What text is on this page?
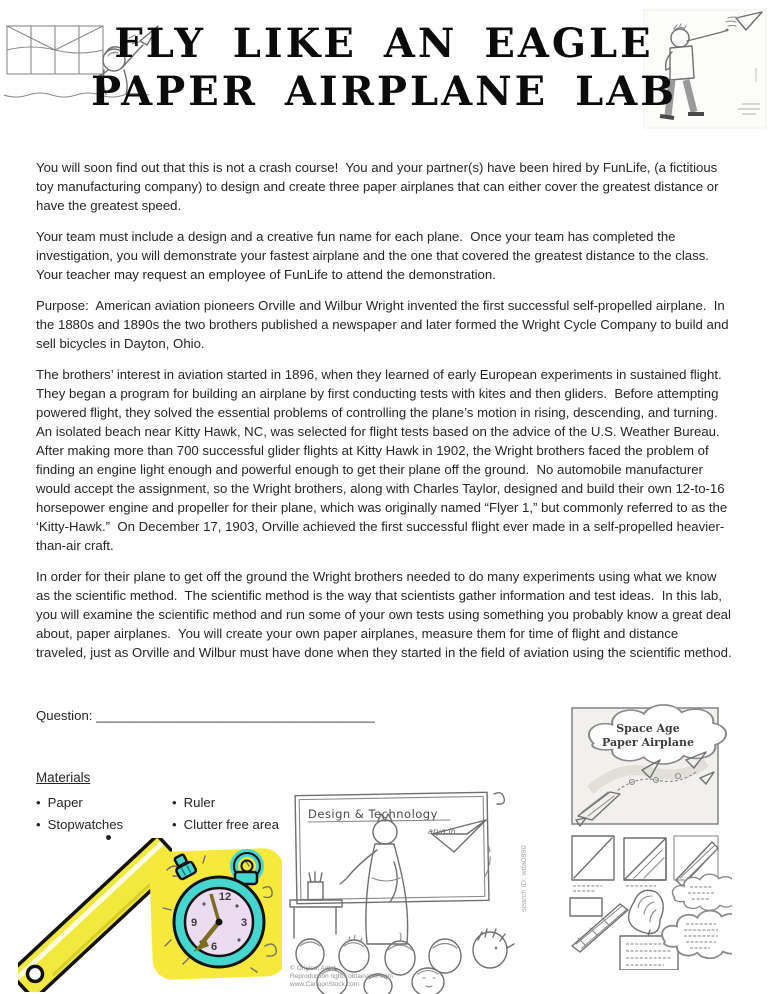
FLY LIKE AN EAGLE
PAPER AIRPLANE LAB

You will soon find out that this is not a crash course!  You and your partner(s) have been hired by FunLife, (a fictitious toy manufacturing company) to design and create three paper airplanes that can either cover the greatest distance or have the greatest speed.

Your team must include a design and a creative fun name for each plane.  Once your team has completed the investigation, you will demonstrate your fastest airplane and the one that covered the greatest distance to the class.  Your teacher may request an employee of FunLife to attend the demonstration.

Purpose:  American aviation pioneers Orville and Wilbur Wright invented the first successful self-propelled airplane.  In the 1880s and 1890s the two brothers published a newspaper and later formed the Wright Cycle Company to build and sell bicycles in Dayton, Ohio.

The brothers’ interest in aviation started in 1896, when they learned of early European experiments in sustained flight.  They began a program for building an airplane by first conducting tests with kites and then gliders.  Before attempting powered flight, they solved the essential problems of controlling the plane’s motion in rising, descending, and turning.  An isolated beach near Kitty Hawk, NC, was selected for flight tests based on the advice of the U.S. Weather Bureau.  After making more than 700 successful glider flights at Kitty Hawk in 1902, the Wright brothers faced the problem of finding an engine light enough and powerful enough to get their plane off the ground.  No automobile manufacturer would accept the assignment, so the Wright brothers, along with Charles Taylor, designed and build their own 12-to-16 horsepower engine and propeller for their plane, which was originally named “Flyer 1,” but commonly referred to as the ‘Kitty-Hawk.”  On December 17, 1903, Orville achieved the first successful flight ever made in a self-propelled heavier-than-air craft.

In order for their plane to get off the ground the Wright brothers needed to do many experiments using what we know as the scientific method.  The scientific method is the way that scientists gather information and test ideas.  In this lab, you will examine the scientific method and run some of your own tests using something you probably know a great deal about, paper airplanes.  You will create your own paper airplanes, measure them for time of flight and distance traveled, just as Orville and Wilbur must have done when they started in the field of aviation using the scientific method.

Question: ______________________________________
Materials
• Paper
• Stopwatches
• Ruler
• Clutter free area
12
3
6
9
Design & Technology
arya.in
© Original Artist
Reproduction rights obtainable from
www.CartoonStock.com
search ID: wda0890
Space Age
Paper Airplane
